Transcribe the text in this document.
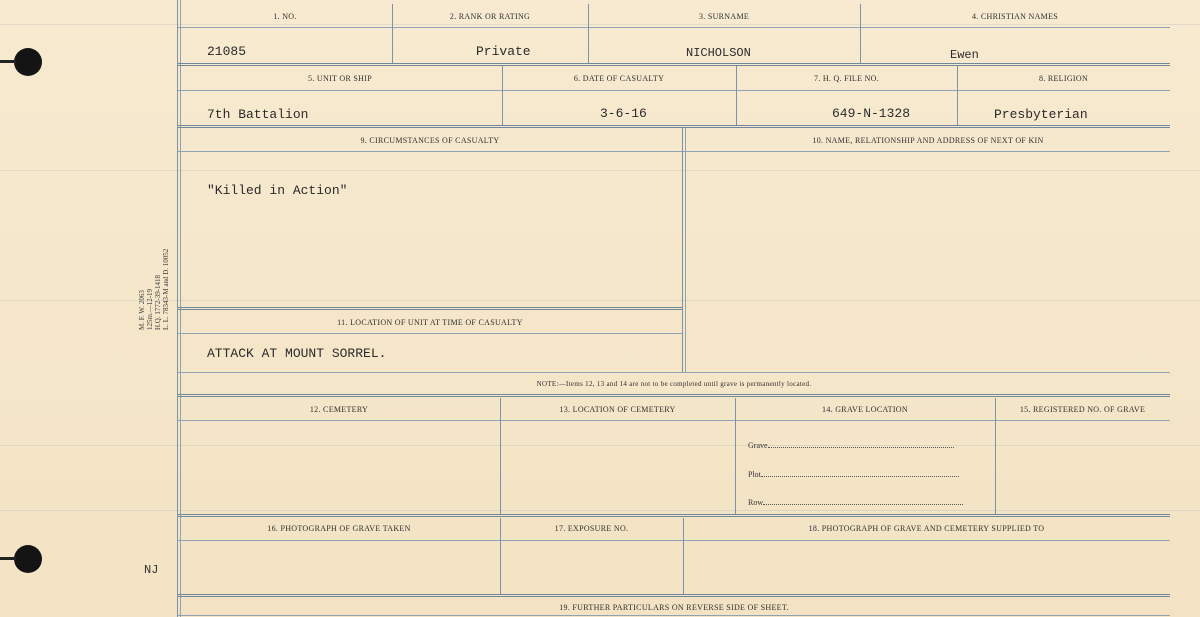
M. F. W. 2063 125m.—12-19 H.Q. 1772-39-1418 L. L. 78343-M and D. 10052
NJ
1. NO.	2. RANK OR RATING	3. SURNAME	4. CHRISTIAN NAMES
21085	Private	NICHOLSON	Ewen
5. UNIT OR SHIP	6. DATE OF CASUALTY	7. H. Q. FILE NO.	8. RELIGION
7th Battalion	3-6-16	649-N-1328	Presbyterian
9. CIRCUMSTANCES OF CASUALTY	10. NAME, RELATIONSHIP AND ADDRESS OF NEXT OF KIN
"Killed in Action"
11. LOCATION OF UNIT AT TIME OF CASUALTY
ATTACK AT MOUNT SORREL.
NOTE:—Items 12, 13 and 14 are not to be completed until grave is permanently located.
12. CEMETERY	13. LOCATION OF CEMETERY	14. GRAVE LOCATION	15. REGISTERED NO. OF GRAVE
Grave
Plot
Row
16. PHOTOGRAPH OF GRAVE TAKEN	17. EXPOSURE NO.	18. PHOTOGRAPH OF GRAVE AND CEMETERY SUPPLIED TO
19. FURTHER PARTICULARS ON REVERSE SIDE OF SHEET.
